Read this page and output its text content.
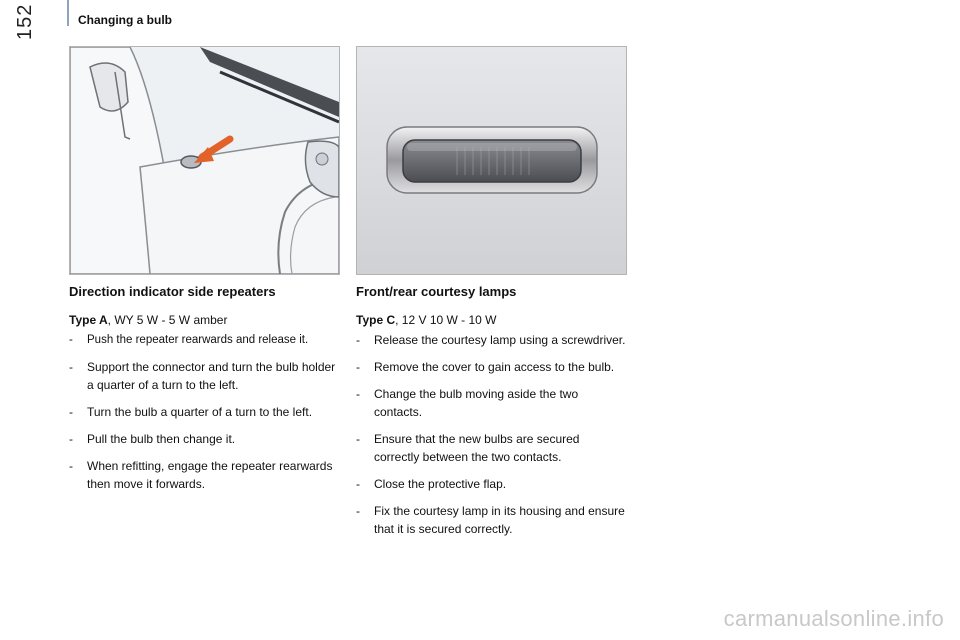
152	Changing a bulb
Direction indicator side repeaters

Type A, WY 5 W - 5 W amber

- Push the repeater rearwards and release it.
- Support the connector and turn the bulb holder a quarter of a turn to the left.
- Turn the bulb a quarter of a turn to the left.
- Pull the bulb then change it.
- When refitting, engage the repeater rearwards then move it forwards.
Front/rear courtesy lamps

Type C, 12 V 10 W - 10 W

- Release the courtesy lamp using a screwdriver.
- Remove the cover to gain access to the bulb.
- Change the bulb moving aside the two contacts.
- Ensure that the new bulbs are secured correctly between the two contacts.
- Close the protective flap.
- Fix the courtesy lamp in its housing and ensure that it is secured correctly.
carmanualsonline.info
